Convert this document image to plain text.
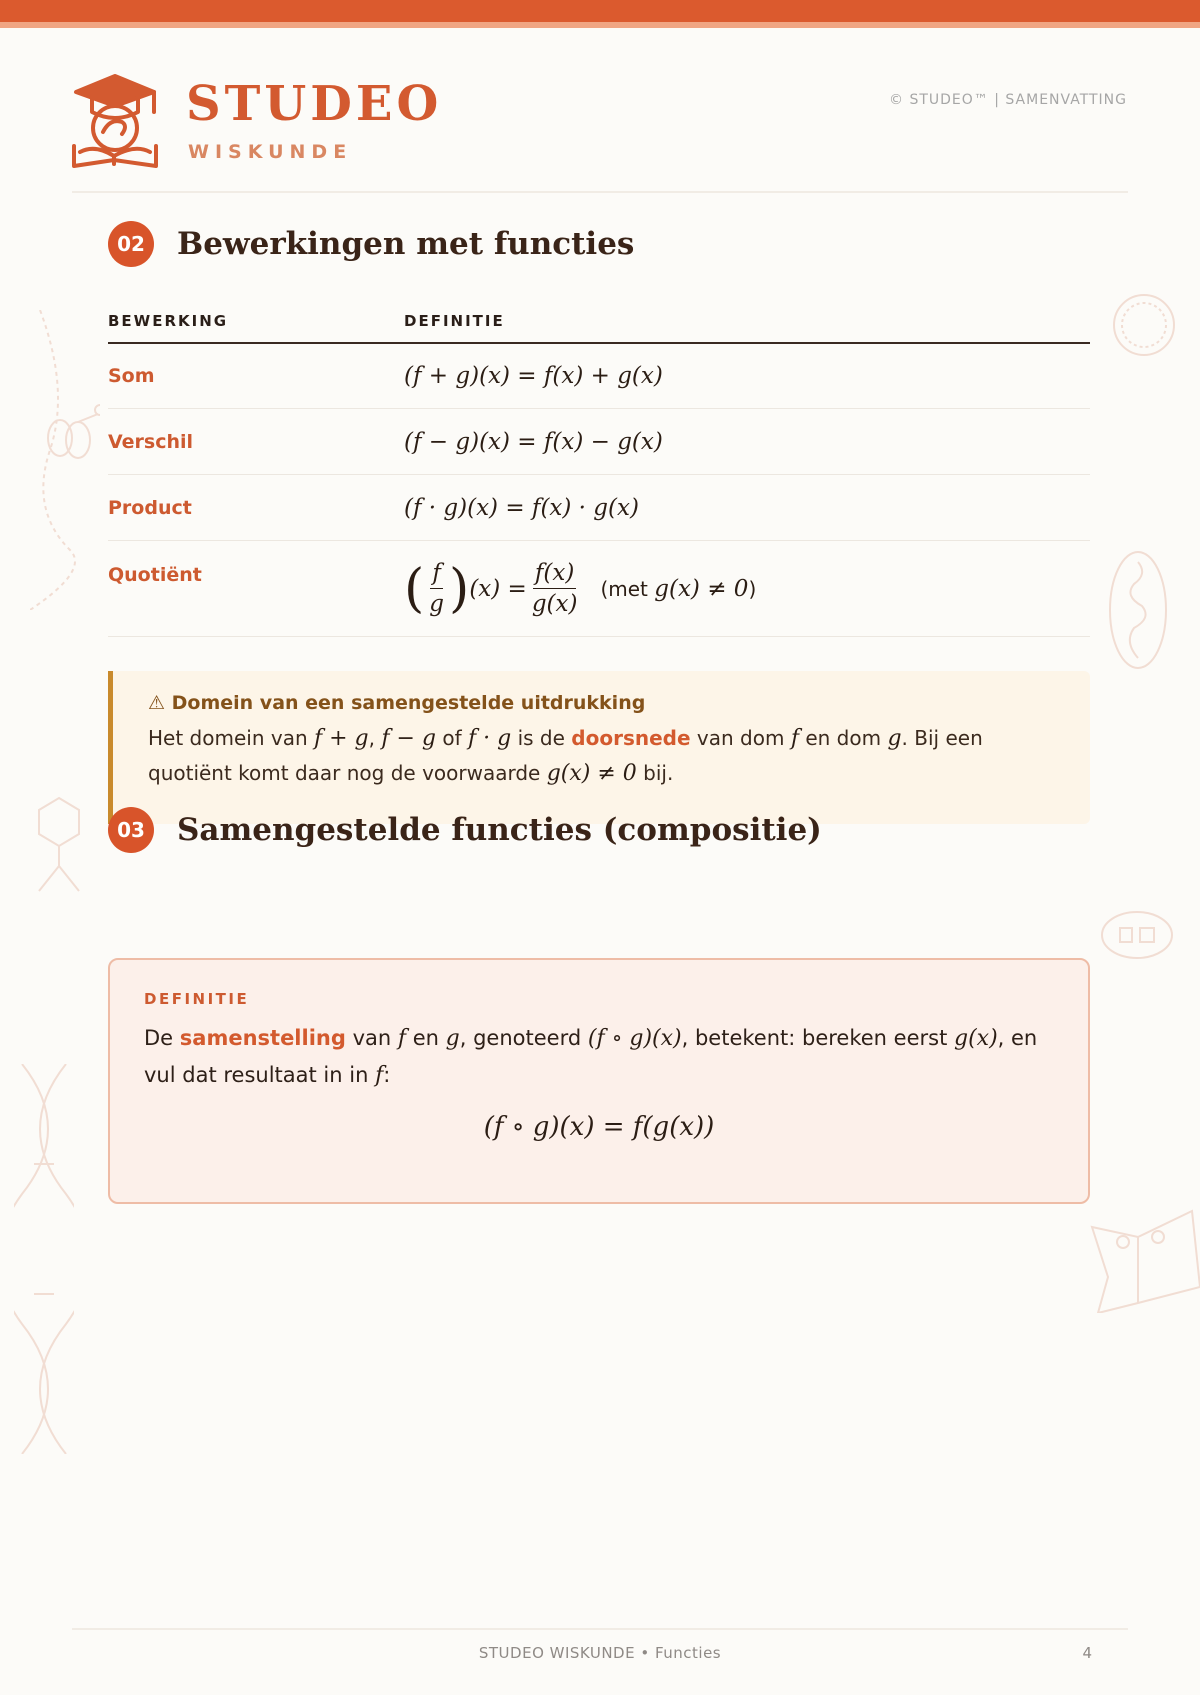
STUDEO
WISKUNDE
© STUDEO™ | SAMENVATTING
02 Bewerkingen met functies
BEWERKING	DEFINITIE
Som	(f + g)(x) = f(x) + g(x)
Verschil	(f − g)(x) = f(x) − g(x)
Product	(f · g)(x) = f(x) · g(x)
Quotiënt	( $\frac{f}{g}$ ) $(x) = \frac{f(x)}{g(x)} (met$ g(x) ≠ 0)
⚠ Domein van een samengestelde uitdrukking
Het domein van f + g, f − g of f · g is de doorsnede van dom f en dom g. Bij een quotiënt komt daar nog de voorwaarde g(x) ≠ 0 bij.
03 Samengestelde functies (compositie)
DEFINITIE
De samenstelling van f en g, genoteerd (f ∘ g)(x), betekent: bereken eerst g(x), en vul dat resultaat in in f:
(f ∘ g)(x) = f(g(x))
STUDEO WISKUNDE • Functies	4
